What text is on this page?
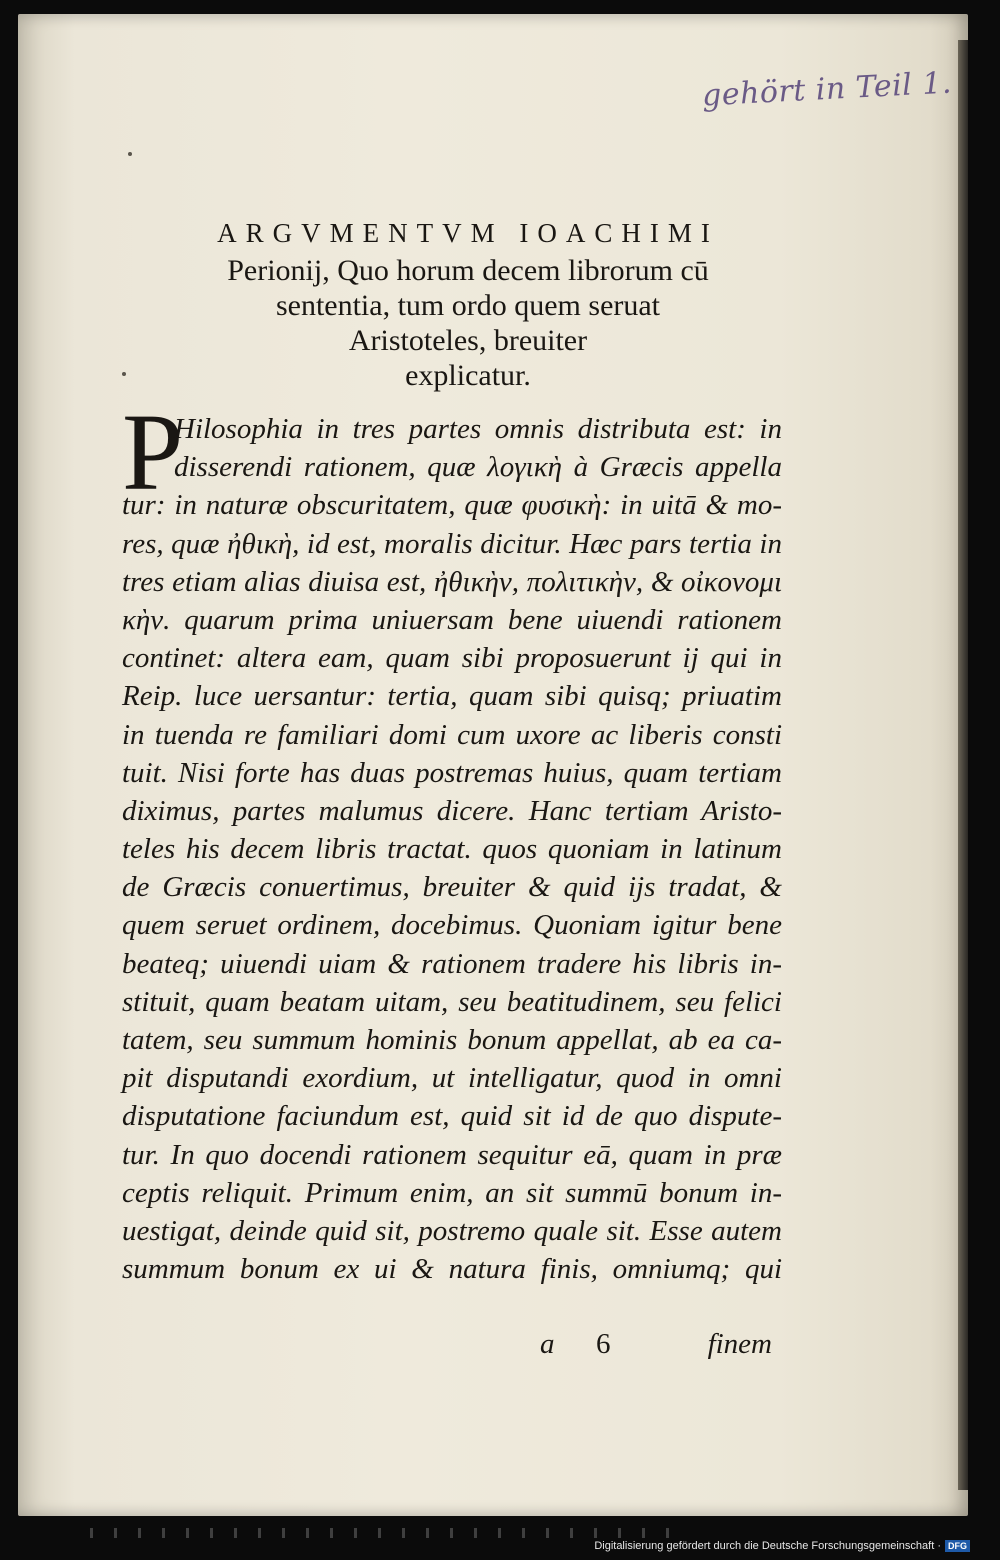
gehört in Teil 1.
ARGVMENTVM IOACHIMI
Perionij, Quo horum decem librorum cū
sententia, tum ordo quem seruat
Aristoteles, breuiter
explicatur.
P
Hilosophia in tres partes omnis distributa est: in
disserendi rationem, quæ λογικὴ à Græcis appella
tur: in naturæ obscuritatem, quæ φυσικὴ: in uitā & mo-
res, quæ ἠθικὴ, id est, moralis dicitur. Hæc pars tertia in
tres etiam alias diuisa est, ἠθικὴν, πολιτικὴν, & οἰκονομι
κὴν. quarum prima uniuersam bene uiuendi rationem
continet: altera eam, quam sibi proposuerunt ij qui in
Reip. luce uersantur: tertia, quam sibi quisq; priuatim
in tuenda re familiari domi cum uxore ac liberis consti
tuit. Nisi forte has duas postremas huius, quam tertiam
diximus, partes malumus dicere. Hanc tertiam Aristo-
teles his decem libris tractat. quos quoniam in latinum
de Græcis conuertimus, breuiter & quid ijs tradat, &
quem seruet ordinem, docebimus. Quoniam igitur bene
beateq; uiuendi uiam & rationem tradere his libris in-
stituit, quam beatam uitam, seu beatitudinem, seu felici
tatem, seu summum hominis bonum appellat, ab ea ca-
pit disputandi exordium, ut intelligatur, quod in omni
disputatione faciundum est, quid sit id de quo dispute-
tur. In quo docendi rationem sequitur eā, quam in præ
ceptis reliquit. Primum enim, an sit summū bonum in-
uestigat, deinde quid sit, postremo quale sit. Esse autem
summum bonum ex ui & natura finis, omniumq; qui
a 6	finem
Digitalisierung gefördert durch die Deutsche Forschungsgemeinschaft · DFG
